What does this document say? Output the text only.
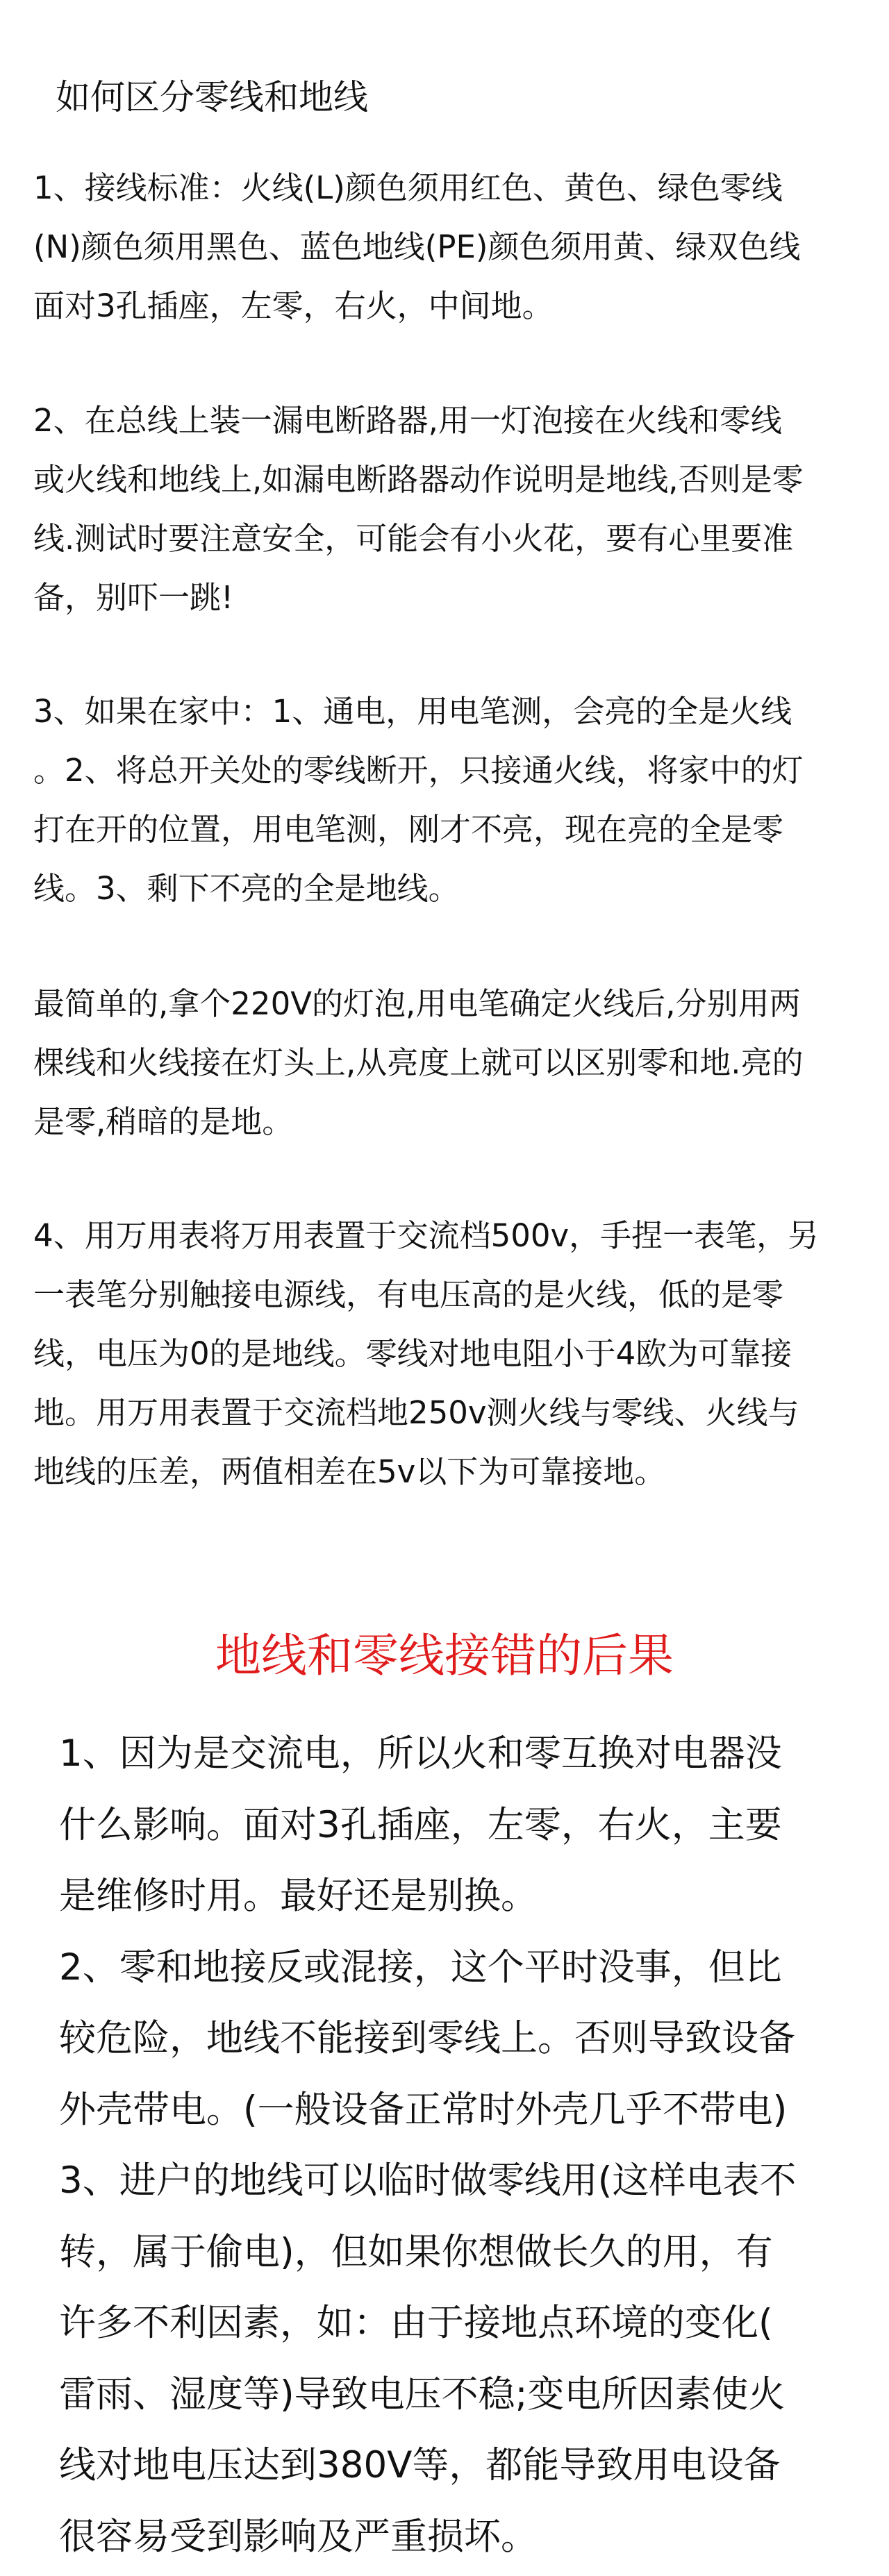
如何区分零线和地线
1、接线标准：火线(L)颜色须用红色、黄色、绿色零线
(N)颜色须用黑色、蓝色地线(PE)颜色须用黄、绿双色线
面对3孔插座，左零，右火，中间地。
2、在总线上装一漏电断路器,用一灯泡接在火线和零线
或火线和地线上,如漏电断路器动作说明是地线,否则是零
线.测试时要注意安全，可能会有小火花，要有心里要准
备，别吓一跳!
3、如果在家中：1、通电，用电笔测，会亮的全是火线
。2、将总开关处的零线断开，只接通火线，将家中的灯
打在开的位置，用电笔测，刚才不亮，现在亮的全是零
线。3、剩下不亮的全是地线。
最简单的,拿个220V的灯泡,用电笔确定火线后,分别用两
棵线和火线接在灯头上,从亮度上就可以区别零和地.亮的
是零,稍暗的是地。
4、用万用表将万用表置于交流档500v，手捏一表笔，另
一表笔分别触接电源线，有电压高的是火线，低的是零
线，电压为0的是地线。零线对地电阻小于4欧为可靠接
地。用万用表置于交流档地250v测火线与零线、火线与
地线的压差，两值相差在5v以下为可靠接地。
地线和零线接错的后果
1、因为是交流电，所以火和零互换对电器没
什么影响。面对3孔插座，左零，右火，主要
是维修时用。最好还是别换。
2、零和地接反或混接，这个平时没事，但比
较危险，地线不能接到零线上。否则导致设备
外壳带电。(一般设备正常时外壳几乎不带电)
3、进户的地线可以临时做零线用(这样电表不
转，属于偷电)，但如果你想做长久的用，有
许多不利因素，如：由于接地点环境的变化(
雷雨、湿度等)导致电压不稳;变电所因素使火
线对地电压达到380V等，都能导致用电设备
很容易受到影响及严重损坏。
